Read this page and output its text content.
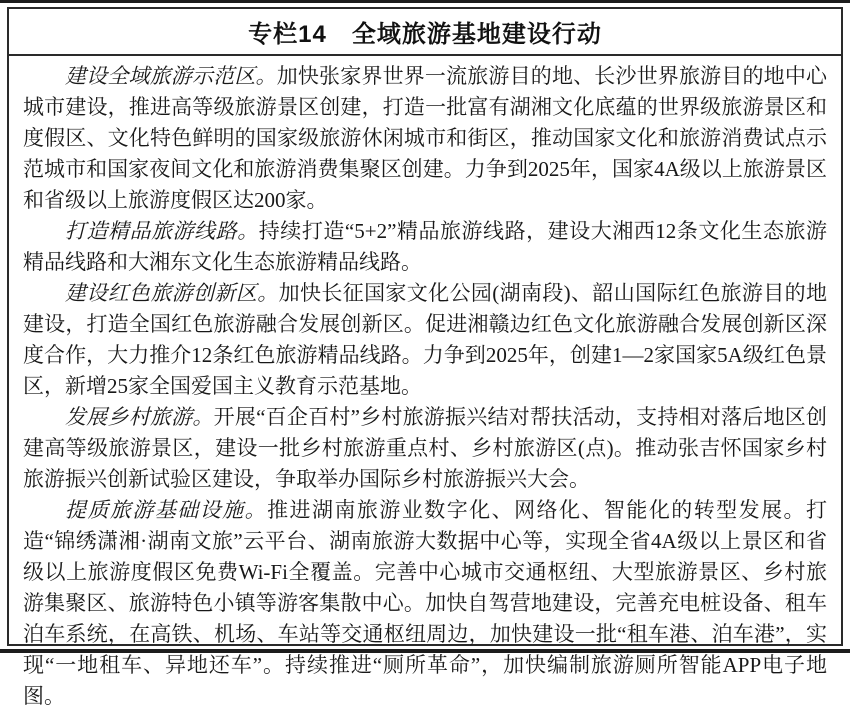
专栏14　全域旅游基地建设行动

建设全域旅游示范区。加快张家界世界一流旅游目的地、长沙世界旅游目的地中心城市建设，推进高等级旅游景区创建，打造一批富有湖湘文化底蕴的世界级旅游景区和度假区、文化特色鲜明的国家级旅游休闲城市和街区，推动国家文化和旅游消费试点示范城市和国家夜间文化和旅游消费集聚区创建。力争到2025年，国家4A级以上旅游景区和省级以上旅游度假区达200家。

打造精品旅游线路。持续打造“5+2”精品旅游线路，建设大湘西12条文化生态旅游精品线路和大湘东文化生态旅游精品线路。

建设红色旅游创新区。加快长征国家文化公园(湖南段)、韶山国际红色旅游目的地建设，打造全国红色旅游融合发展创新区。促进湘赣边红色文化旅游融合发展创新区深度合作，大力推介12条红色旅游精品线路。力争到2025年，创建1—2家国家5A级红色景区，新增25家全国爱国主义教育示范基地。

发展乡村旅游。开展“百企百村”乡村旅游振兴结对帮扶活动，支持相对落后地区创建高等级旅游景区，建设一批乡村旅游重点村、乡村旅游区(点)。推动张吉怀国家乡村旅游振兴创新试验区建设，争取举办国际乡村旅游振兴大会。

提质旅游基础设施。推进湖南旅游业数字化、网络化、智能化的转型发展。打造“锦绣潇湘·湖南文旅”云平台、湖南旅游大数据中心等，实现全省4A级以上景区和省级以上旅游度假区免费Wi-Fi全覆盖。完善中心城市交通枢纽、大型旅游景区、乡村旅游集聚区、旅游特色小镇等游客集散中心。加快自驾营地建设，完善充电桩设备、租车泊车系统，在高铁、机场、车站等交通枢纽周边，加快建设一批“租车港、泊车港”，实现“一地租车、异地还车”。持续推进“厕所革命”，加快编制旅游厕所智能APP电子地图。
